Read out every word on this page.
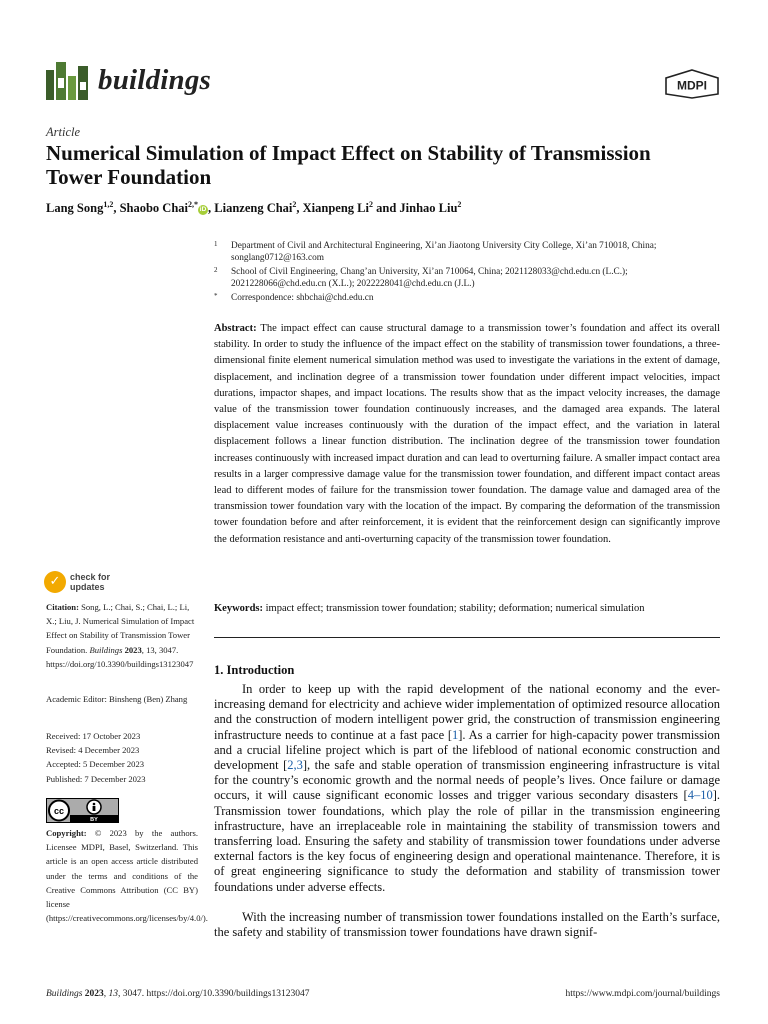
buildings	MDPI
Article
Numerical Simulation of Impact Effect on Stability of Transmission Tower Foundation
Lang Song$^{1,2}$, Shaobo Chai$^{2,*}$iD , Lianzeng Chai$^2$, Xianpeng Li$^2$ and Jinhao Liu$^2$
1 Department of Civil and Architectural Engineering, Xi’an Jiaotong University City College, Xi’an 710018, China; songlang0712@163.com
2 School of Civil Engineering, Chang’an University, Xi’an 710064, China; 2021128033@chd.edu.cn (L.C.); 2021228066@chd.edu.cn (X.L.); 2022228041@chd.edu.cn (J.L.)
* Correspondence: shbchai@chd.edu.cn
Abstract: The impact effect can cause structural damage to a transmission tower’s foundation and affect its overall stability. In order to study the influence of the impact effect on the stability of transmission tower foundations, a three-dimensional finite element numerical simulation method was used to investigate the variations in the extent of damage, displacement, and inclination degree of a transmission tower foundation under different impact velocities, impact durations, impactor shapes, and impact locations. The results show that as the impact velocity increases, the damage value of the transmission tower foundation continuously increases, and the damaged area expands. The lateral displacement value increases continuously with the duration of the impact effect, and the variation in lateral displacement follows a linear function distribution. The inclination degree of the transmission tower foundation increases continuously with increased impact duration and can lead to overturning failure. A smaller impact contact area results in a larger compressive damage value for the transmission tower foundation, and different impact contact areas lead to different modes of failure for the transmission tower foundation. The damage value and damaged area of the transmission tower foundation vary with the location of the impact. By comparing the deformation of the transmission tower foundation before and after reinforcement, it is evident that the reinforcement design can significantly improve the deformation resistance and anti-overturning capacity of the transmission tower foundation.
Keywords: impact effect; transmission tower foundation; stability; deformation; numerical simulation
1. Introduction
In order to keep up with the rapid development of the national economy and the ever-increasing demand for electricity and achieve wider implementation of optimized resource allocation and the construction of modern intelligent power grid, the construction of transmission engineering infrastructure needs to continue at a fast pace [1]. As a carrier for high-capacity power transmission and a crucial lifeline project which is part of the lifeblood of national economic construction and development [2,3], the safe and stable operation of transmission engineering infrastructure is vital for the country’s economic growth and the normal needs of people’s lives. Once failure or damage occurs, it will cause significant economic losses and trigger various secondary disasters [4–10]. Transmission tower foundations, which play the role of pillar in the transmission engineering infrastructure, have an irreplaceable role in maintaining the stability of transmission towers and transferring load. Ensuring the safety and stability of transmission tower foundations under adverse external factors is the key focus of engineering design and operational maintenance. Therefore, it is of great engineering significance to study the deformation and stability of transmission tower foundations under adverse effects.
With the increasing number of transmission tower foundations installed on the Earth’s surface, the safety and stability of transmission tower foundations have drawn signif-
✓	check for
updates
Citation: Song, L.; Chai, S.; Chai, L.; Li, X.; Liu, J. Numerical Simulation of Impact Effect on Stability of Transmission Tower Foundation. Buildings 2023, 13, 3047. https://doi.org/10.3390/buildings13123047
Academic Editor: Binsheng (Ben) Zhang
Received: 17 October 2023
Revised: 4 December 2023
Accepted: 5 December 2023
Published: 7 December 2023
cc
BY
Copyright: © 2023 by the authors. Licensee MDPI, Basel, Switzerland. This article is an open access article distributed under the terms and conditions of the Creative Commons Attribution (CC BY) license (https://creativecommons.org/licenses/by/4.0/).
Buildings 2023, 13, 3047. https://doi.org/10.3390/buildings13123047	https://www.mdpi.com/journal/buildings
